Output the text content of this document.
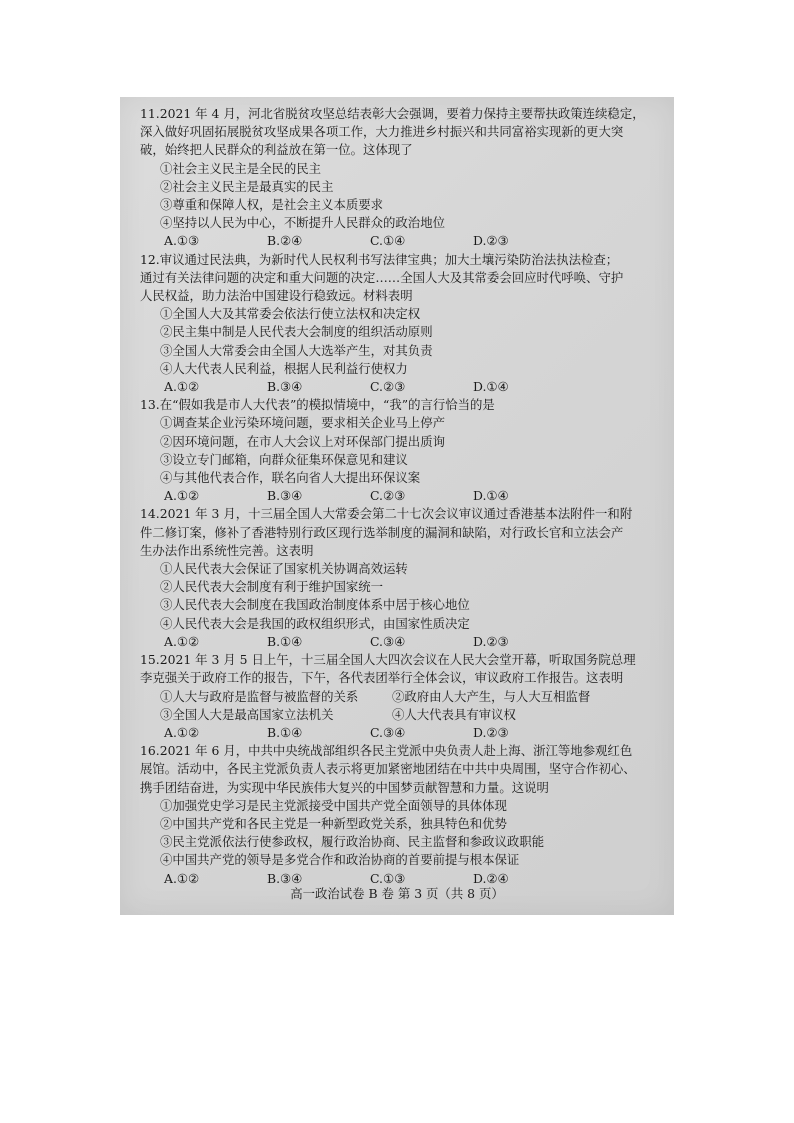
11.2021 年 4 月，河北省脱贫攻坚总结表彰大会强调，要着力保持主要帮扶政策连续稳定，

深入做好巩固拓展脱贫攻坚成果各项工作，大力推进乡村振兴和共同富裕实现新的更大突

破，始终把人民群众的利益放在第一位。这体现了

①社会主义民主是全民的民主

②社会主义民主是最真实的民主

③尊重和保障人权，是社会主义本质要求

④坚持以人民为中心，不断提升人民群众的政治地位

A.①③	B.②④	C.①④	D.②③

12.审议通过民法典，为新时代人民权利书写法律宝典；加大土壤污染防治法执法检查；

通过有关法律问题的决定和重大问题的决定……全国人大及其常委会回应时代呼唤、守护

人民权益，助力法治中国建设行稳致远。材料表明

①全国人大及其常委会依法行使立法权和决定权

②民主集中制是人民代表大会制度的组织活动原则

③全国人大常委会由全国人大选举产生，对其负责

④人大代表人民利益，根据人民利益行使权力

A.①②	B.③④	C.②③	D.①④

13.在“假如我是市人大代表”的模拟情境中，“我”的言行恰当的是

①调查某企业污染环境问题，要求相关企业马上停产

②因环境问题，在市人大会议上对环保部门提出质询

③设立专门邮箱，向群众征集环保意见和建议

④与其他代表合作，联名向省人大提出环保议案

A.①②	B.③④	C.②③	D.①④

14.2021 年 3 月，十三届全国人大常委会第二十七次会议审议通过香港基本法附件一和附

件二修订案，修补了香港特别行政区现行选举制度的漏洞和缺陷，对行政长官和立法会产

生办法作出系统性完善。这表明

①人民代表大会保证了国家机关协调高效运转

②人民代表大会制度有利于维护国家统一

③人民代表大会制度在我国政治制度体系中居于核心地位

④人民代表大会是我国的政权组织形式，由国家性质决定

A.①②	B.①④	C.③④	D.②③

15.2021 年 3 月 5 日上午，十三届全国人大四次会议在人民大会堂开幕，听取国务院总理

李克强关于政府工作的报告，下午，各代表团举行全体会议，审议政府工作报告。这表明

①人大与政府是监督与被监督的关系	②政府由人大产生，与人大互相监督
③全国人大是最高国家立法机关	④人大代表具有审议权
A.①②	B.①④	C.③④	D.②③

16.2021 年 6 月，中共中央统战部组织各民主党派中央负责人赴上海、浙江等地参观红色

展馆。活动中，各民主党派负责人表示将更加紧密地团结在中共中央周围，坚守合作初心、

携手团结奋进，为实现中华民族伟大复兴的中国梦贡献智慧和力量。这说明

①加强党史学习是民主党派接受中国共产党全面领导的具体体现

②中国共产党和各民主党是一种新型政党关系，独具特色和优势

③民主党派依法行使参政权，履行政治协商、民主监督和参政议政职能

④中国共产党的领导是多党合作和政治协商的首要前提与根本保证

A.①②	B.③④	C.①③	D.②④
高一政治试卷 B 卷 第 3 页（共 8 页）
